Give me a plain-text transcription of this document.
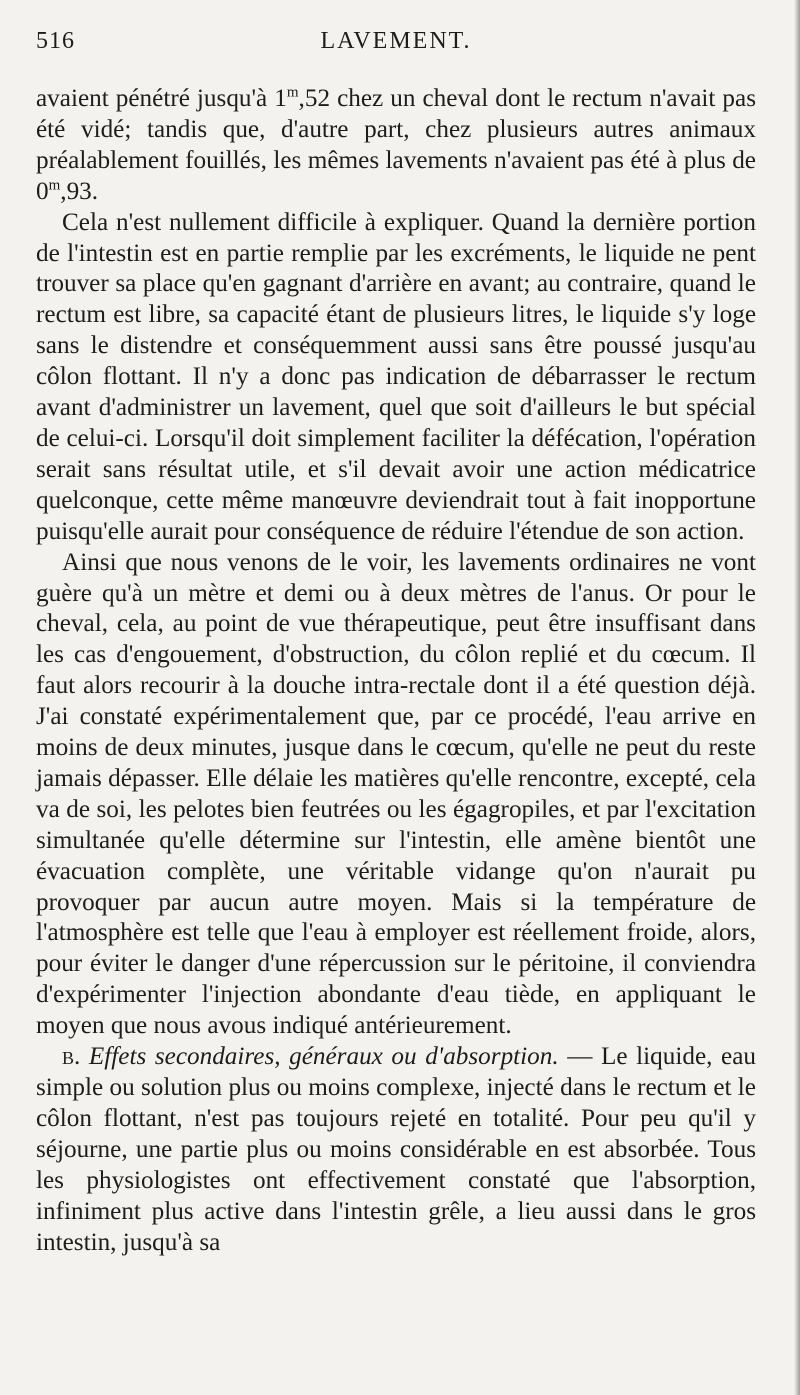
516	LAVEMENT.

avaient pénétré jusqu'à 1$^m$,52 chez un cheval dont le rectum n'avait pas été vidé; tandis que, d'autre part, chez plusieurs autres animaux préalablement fouillés, les mêmes lavements n'avaient pas été à plus de 0$^m$,93.

Cela n'est nullement difficile à expliquer. Quand la dernière portion de l'intestin est en partie remplie par les excréments, le liquide ne pent trouver sa place qu'en gagnant d'arrière en avant; au contraire, quand le rectum est libre, sa capacité étant de plusieurs litres, le liquide s'y loge sans le distendre et conséquemment aussi sans être poussé jusqu'au côlon flottant. Il n'y a donc pas indication de débarrasser le rectum avant d'administrer un lavement, quel que soit d'ailleurs le but spécial de celui-ci. Lorsqu'il doit simplement faciliter la défécation, l'opération serait sans résultat utile, et s'il devait avoir une action médicatrice quelconque, cette même manœuvre deviendrait tout à fait inopportune puisqu'elle aurait pour conséquence de réduire l'étendue de son action.

Ainsi que nous venons de le voir, les lavements ordinaires ne vont guère qu'à un mètre et demi ou à deux mètres de l'anus. Or pour le cheval, cela, au point de vue thérapeutique, peut être insuffisant dans les cas d'engouement, d'obstruction, du côlon replié et du cœcum. Il faut alors recourir à la douche intra-rectale dont il a été question déjà. J'ai constaté expérimentalement que, par ce procédé, l'eau arrive en moins de deux minutes, jusque dans le cœcum, qu'elle ne peut du reste jamais dépasser. Elle délaie les matières qu'elle rencontre, excepté, cela va de soi, les pelotes bien feutrées ou les égagropiles, et par l'excitation simultanée qu'elle détermine sur l'intestin, elle amène bientôt une évacuation complète, une véritable vidange qu'on n'aurait pu provoquer par aucun autre moyen. Mais si la température de l'atmosphère est telle que l'eau à employer est réellement froide, alors, pour éviter le danger d'une répercussion sur le péritoine, il conviendra d'expérimenter l'injection abondante d'eau tiède, en appliquant le moyen que nous avous indiqué antérieurement.

b. Effets secondaires, généraux ou d'absorption. — Le liquide, eau simple ou solution plus ou moins complexe, injecté dans le rectum et le côlon flottant, n'est pas toujours rejeté en totalité. Pour peu qu'il y séjourne, une partie plus ou moins considérable en est absorbée. Tous les physiologistes ont effectivement constaté que l'absorption, infiniment plus active dans l'intestin grêle, a lieu aussi dans le gros intestin, jusqu'à sa
